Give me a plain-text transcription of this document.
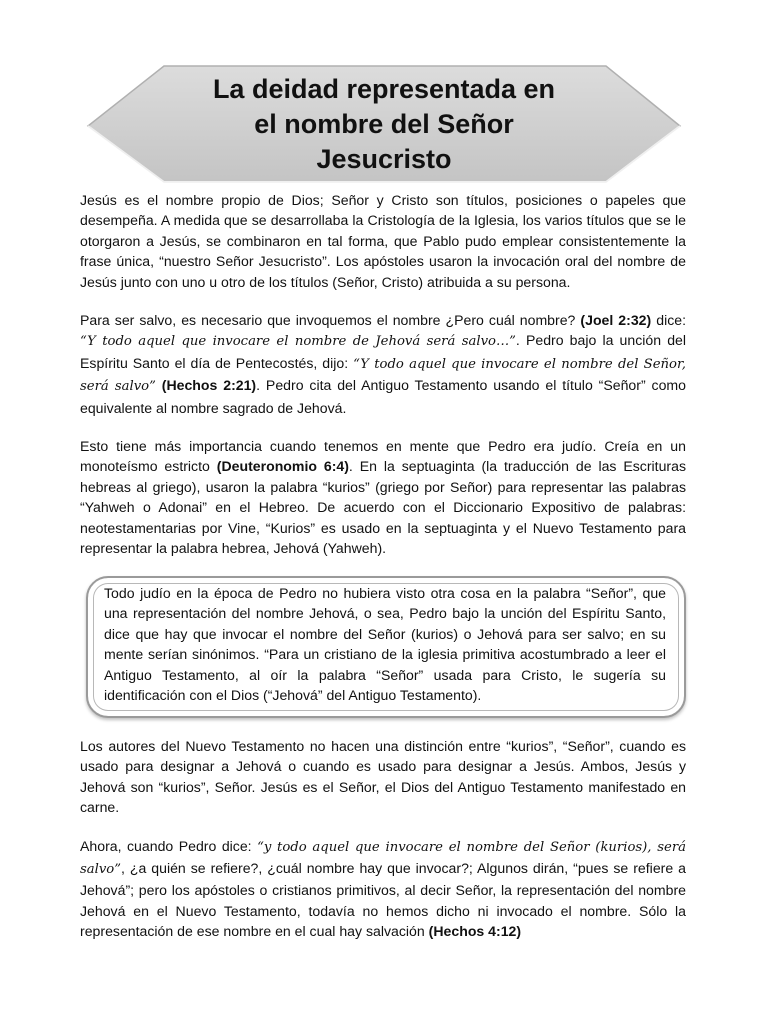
La deidad representada en
el nombre del Señor
Jesucristo

Jesús es el nombre propio de Dios; Señor y Cristo son títulos, posiciones o papeles que desempeña. A medida que se desarrollaba la Cristología de la Iglesia, los varios títulos que se le otorgaron a Jesús, se combinaron en tal forma, que Pablo pudo emplear consistentemente la frase única, “nuestro Señor Jesucristo”. Los apóstoles usaron la invocación oral del nombre de Jesús junto con uno u otro de los títulos (Señor, Cristo) atribuida a su persona.

Para ser salvo, es necesario que invoquemos el nombre ¿Pero cuál nombre? (Joel 2:32) dice: “Y todo aquel que invocare el nombre de Jehová será salvo…”. Pedro bajo la unción del Espíritu Santo el día de Pentecostés, dijo: “Y todo aquel que invocare el nombre del Señor, será salvo” (Hechos 2:21). Pedro cita del Antiguo Testamento usando el título “Señor” como equivalente al nombre sagrado de Jehová.

Esto tiene más importancia cuando tenemos en mente que Pedro era judío. Creía en un monoteísmo estricto (Deuteronomio 6:4). En la septuaginta (la traducción de las Escrituras hebreas al griego), usaron la palabra “kurios” (griego por Señor) para representar las palabras “Yahweh o Adonai” en el Hebreo. De acuerdo con el Diccionario Expositivo de palabras: neotestamentarias por Vine, “Kurios” es usado en la septuaginta y el Nuevo Testamento para representar la palabra hebrea, Jehová (Yahweh).

Todo judío en la época de Pedro no hubiera visto otra cosa en la palabra “Señor”, que una representación del nombre Jehová, o sea, Pedro bajo la unción del Espíritu Santo, dice que hay que invocar el nombre del Señor (kurios) o Jehová para ser salvo; en su mente serían sinónimos. “Para un cristiano de la iglesia primitiva acostumbrado a leer el Antiguo Testamento, al oír la palabra “Señor” usada para Cristo, le sugería su identificación con el Dios (“Jehová” del Antiguo Testamento).

Los autores del Nuevo Testamento no hacen una distinción entre “kurios”, “Señor”, cuando es usado para designar a Jehová o cuando es usado para designar a Jesús. Ambos, Jesús y Jehová son “kurios”, Señor. Jesús es el Señor, el Dios del Antiguo Testamento manifestado en carne.

Ahora, cuando Pedro dice: “y todo aquel que invocare el nombre del Señor (kurios), será salvo”, ¿a quién se refiere?, ¿cuál nombre hay que invocar?; Algunos dirán, “pues se refiere a Jehová”; pero los apóstoles o cristianos primitivos, al decir Señor, la representación del nombre Jehová en el Nuevo Testamento, todavía no hemos dicho ni invocado el nombre. Sólo la representación de ese nombre en el cual hay salvación (Hechos 4:12)
